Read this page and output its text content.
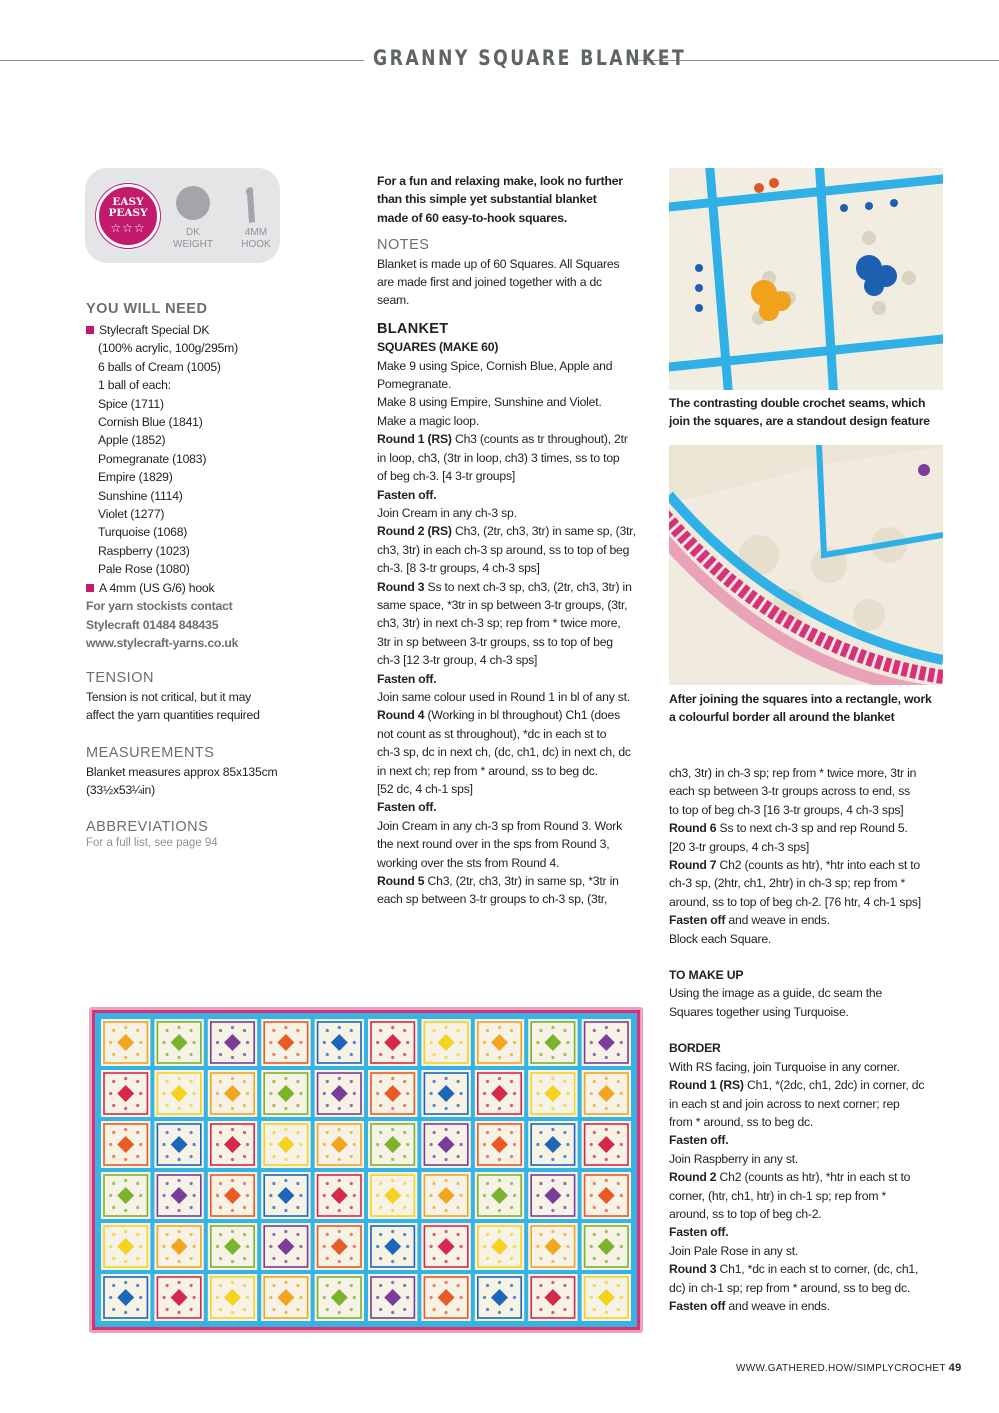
GRANNY SQUARE BLANKET
EASY
PEASY
☆☆☆	DK
WEIGHT
4MM
HOOK
YOU WILL NEED
Stylecraft Special DK
(100% acrylic, 100g/295m)
6 balls of Cream (1005)
1 ball of each:
Spice (1711)
Cornish Blue (1841)
Apple (1852)
Pomegranate (1083)
Empire (1829)
Sunshine (1114)
Violet (1277)
Turquoise (1068)
Raspberry (1023)
Pale Rose (1080)
A 4mm (US G/6) hook
For yarn stockists contact
Stylecraft 01484 848435
www.stylecraft-yarns.co.uk
TENSION
Tension is not critical, but it may
affect the yarn quantities required
MEASUREMENTS
Blanket measures approx 85x135cm
(33½x53¼in)
ABBREVIATIONS
For a full list, see page 94
For a fun and relaxing make, look no further
than this simple yet substantial blanket
made of 60 easy-to-hook squares.
NOTES
Blanket is made up of 60 Squares. All Squares
are made first and joined together with a dc
seam.
BLANKET
SQUARES (MAKE 60)
Make 9 using Spice, Cornish Blue, Apple and
Pomegranate.
Make 8 using Empire, Sunshine and Violet.
Make a magic loop.
Round 1 (RS) Ch3 (counts as tr throughout), 2tr
in loop, ch3, (3tr in loop, ch3) 3 times, ss to top
of beg ch-3. [4 3-tr groups]
Fasten off.
Join Cream in any ch-3 sp.
Round 2 (RS) Ch3, (2tr, ch3, 3tr) in same sp, (3tr,
ch3, 3tr) in each ch-3 sp around, ss to top of beg
ch-3. [8 3-tr groups, 4 ch-3 sps]
Round 3 Ss to next ch-3 sp, ch3, (2tr, ch3, 3tr) in
same space, *3tr in sp between 3-tr groups, (3tr,
ch3, 3tr) in next ch-3 sp; rep from * twice more,
3tr in sp between 3-tr groups, ss to top of beg
ch-3 [12 3-tr group, 4 ch-3 sps]
Fasten off.
Join same colour used in Round 1 in bl of any st.
Round 4 (Working in bl throughout) Ch1 (does
not count as st throughout), *dc in each st to
ch-3 sp, dc in next ch, (dc, ch1, dc) in next ch, dc
in next ch; rep from * around, ss to beg dc.
[52 dc, 4 ch-1 sps]
Fasten off.
Join Cream in any ch-3 sp from Round 3. Work
the next round over in the sps from Round 3,
working over the sts from Round 4.
Round 5 Ch3, (2tr, ch3, 3tr) in same sp, *3tr in
each sp between 3-tr groups to ch-3 sp, (3tr,
ch3, 3tr) in ch-3 sp; rep from * twice more, 3tr in
each sp between 3-tr groups across to end, ss
to top of beg ch-3 [16 3-tr groups, 4 ch-3 sps]
Round 6 Ss to next ch-3 sp and rep Round 5.
[20 3-tr groups, 4 ch-3 sps]
Round 7 Ch2 (counts as htr), *htr into each st to
ch-3 sp, (2htr, ch1, 2htr) in ch-3 sp; rep from *
around, ss to top of beg ch-2. [76 htr, 4 ch-1 sps]
Fasten off and weave in ends.
Block each Square.
TO MAKE UP
Using the image as a guide, dc seam the
Squares together using Turquoise.
BORDER
With RS facing, join Turquoise in any corner.
Round 1 (RS) Ch1, *(2dc, ch1, 2dc) in corner, dc
in each st and join across to next corner; rep
from * around, ss to beg dc.
Fasten off.
Join Raspberry in any st.
Round 2 Ch2 (counts as htr), *htr in each st to
corner, (htr, ch1, htr) in ch-1 sp; rep from *
around, ss to top of beg ch-2.
Fasten off.
Join Pale Rose in any st.
Round 3 Ch1, *dc in each st to corner, (dc, ch1,
dc) in ch-1 sp; rep from * around, ss to beg dc.
Fasten off and weave in ends.
The contrasting double crochet seams, which
join the squares, are a standout design feature
After joining the squares into a rectangle, work
a colourful border all around the blanket
WWW.GATHERED.HOW/SIMPLYCROCHET 49
